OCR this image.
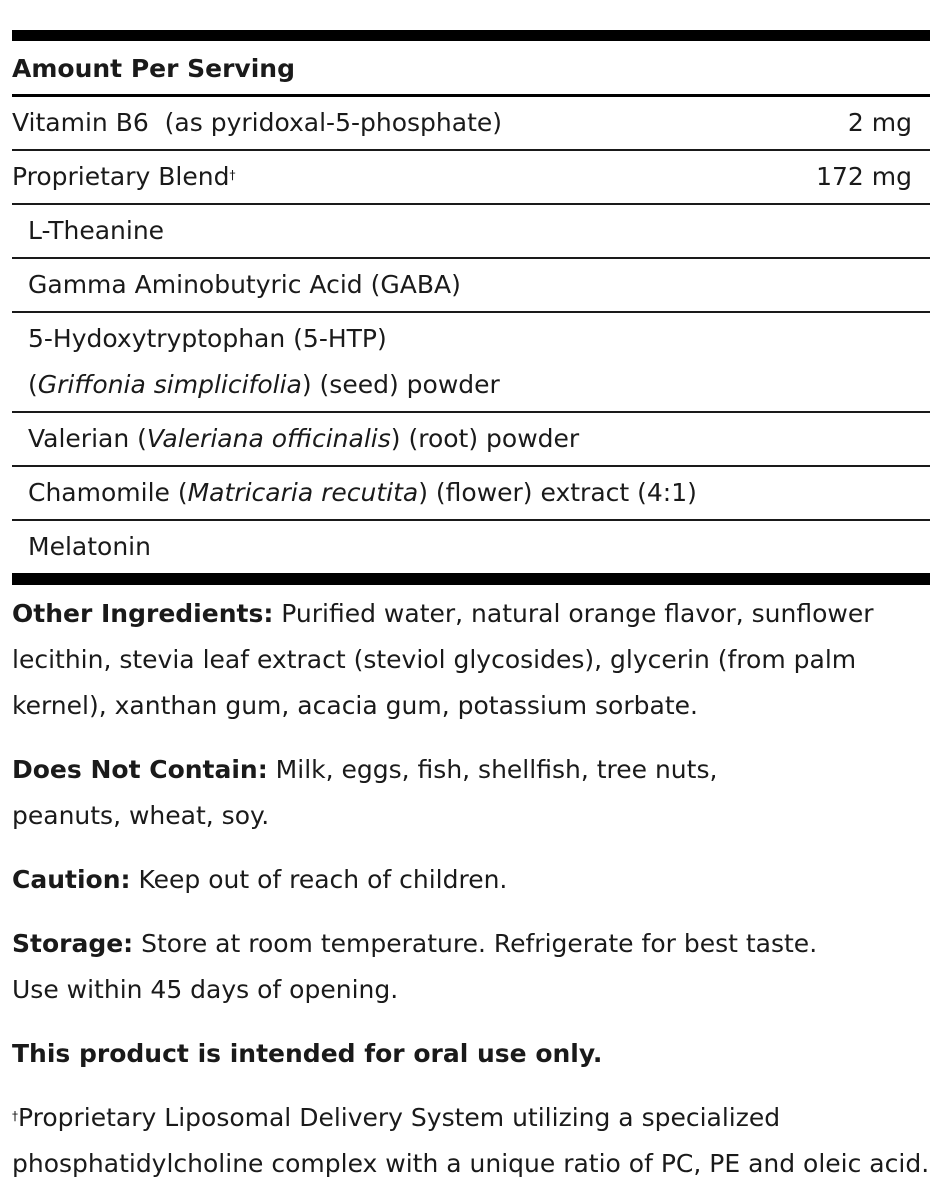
Amount Per Serving
Vitamin B6  (as pyridoxal-5-phosphate)	2 mg
Proprietary Blend†	172 mg
L-Theanine
Gamma Aminobutyric Acid (GABA)
5-Hydoxytryptophan (5-HTP)
(Griffonia simplicifolia) (seed) powder
Valerian (Valeriana officinalis) (root) powder
Chamomile (Matricaria recutita) (flower) extract (4:1)
Melatonin

Other Ingredients: Purified water, natural orange flavor, sunflower lecithin, stevia leaf extract (steviol glycosides), glycerin (from palm kernel), xanthan gum, acacia gum, potassium sorbate.

Does Not Contain: Milk, eggs, fish, shellfish, tree nuts, peanuts, wheat, soy.

Caution: Keep out of reach of children.

Storage: Store at room temperature. Refrigerate for best taste. Use within 45 days of opening.

This product is intended for oral use only.

†Proprietary Liposomal Delivery System utilizing a specialized phosphatidylcholine complex with a unique ratio of PC, PE and oleic acid.
